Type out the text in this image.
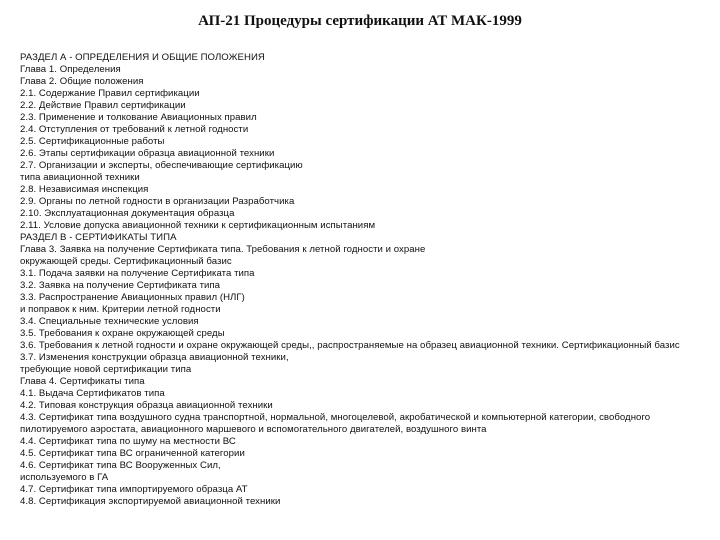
АП-21 Процедуры сертификации АТ МАК-1999
РАЗДЕЛ А - ОПРЕДЕЛЕНИЯ И ОБЩИЕ ПОЛОЖЕНИЯ
Глава 1. Определения
Глава 2. Общие положения
2.1. Содержание Правил сертификации
2.2. Действие Правил сертификации
2.3. Применение и толкование Авиационных правил
2.4. Отступления от требований к летной годности
2.5. Сертификационные работы
2.6. Этапы сертификации образца авиационной техники
2.7. Организации и эксперты, обеспечивающие сертификацию
типа авиационной техники
2.8. Независимая инспекция
2.9. Органы по летной годности в организации Разработчика
2.10. Эксплуатационная документация образца
2.11. Условие допуска авиационной техники к сертификационным испытаниям
РАЗДЕЛ В - СЕРТИФИКАТЫ ТИПА
Глава 3. Заявка на получение Сертификата типа. Требования к летной годности и охране
окружающей среды. Сертификационный базис
3.1. Подача заявки на получение Сертификата типа
3.2. Заявка на получение Сертификата типа
3.3. Распространение Авиационных правил (НЛГ)
и поправок к ним. Критерии летной годности
3.4. Специальные технические условия
3.5. Требования к охране окружающей среды
3.6. Требования к летной годности и охране окружающей среды,, распространяемые на образец авиационной техники. Сертификационный базис
3.7. Изменения конструкции образца авиационной техники,
требующие новой сертификации типа
Глава 4. Сертификаты типа
4.1. Выдача Сертификатов типа
4.2. Типовая конструкция образца авиационной техники
4.3. Сертификат типа воздушного судна транспортной, нормальной, многоцелевой, акробатической и компьютерной категории, свободного
пилотируемого аэростата, авиационного маршевого и вспомогательного двигателей, воздушного винта
4.4. Сертификат типа по шуму на местности ВС
4.5. Сертификат типа ВС ограниченной категории
4.6. Сертификат типа ВС Вооруженных Сил,
используемого в ГА
4.7. Сертификат типа импортируемого образца АТ
4.8. Сертификация экспортируемой авиационной техники
